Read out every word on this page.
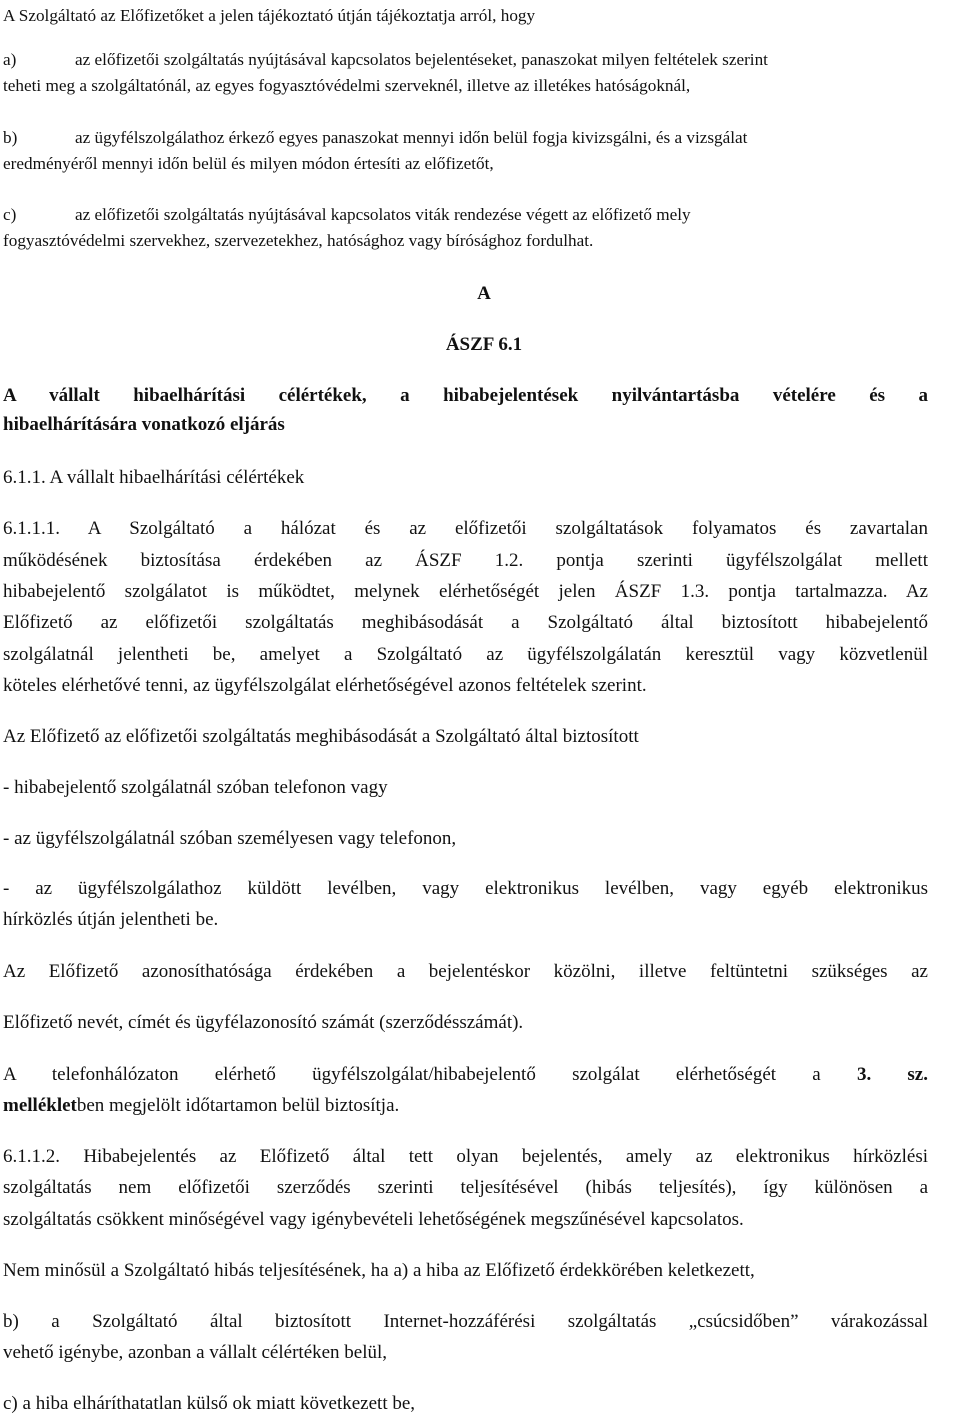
A Szolgáltató az Előfizetőket a jelen tájékoztató útján tájékoztatja arról, hogy
a)	az előfizetői szolgáltatás nyújtásával kapcsolatos bejelentéseket, panaszokat milyen feltételek szerint
teheti meg a szolgáltatónál, az egyes fogyasztóvédelmi szerveknél, illetve az illetékes hatóságoknál,
b)	az ügyfélszolgálathoz érkező egyes panaszokat mennyi időn belül fogja kivizsgálni, és a vizsgálat
eredményéről mennyi időn belül és milyen módon értesíti az előfizetőt,
c)	az előfizetői szolgáltatás nyújtásával kapcsolatos viták rendezése végett az előfizető mely
fogyasztóvédelmi szervekhez, szervezetekhez, hatósághoz vagy bírósághoz fordulhat.
A
ÁSZF 6.1
A vállalt hibaelhárítási célértékek, a hibabejelentések nyilvántartásba vételére és a
hibaelhárítására vonatkozó eljárás
6.1.1. A vállalt hibaelhárítási célértékek
6.1.1.1. A Szolgáltató a hálózat és az előfizetői szolgáltatások folyamatos és zavartalan
működésének biztosítása érdekében az ÁSZF 1.2. pontja szerinti ügyfélszolgálat mellett
hibabejelentő szolgálatot is működtet, melynek elérhetőségét jelen ÁSZF 1.3. pontja tartalmazza. Az
Előfizető az előfizetői szolgáltatás meghibásodását a Szolgáltató által biztosított hibabejelentő
szolgálatnál jelentheti be, amelyet a Szolgáltató az ügyfélszolgálatán keresztül vagy közvetlenül
köteles elérhetővé tenni, az ügyfélszolgálat elérhetőségével azonos feltételek szerint.
Az Előfizető az előfizetői szolgáltatás meghibásodását a Szolgáltató által biztosított
- hibabejelentő szolgálatnál szóban telefonon vagy
- az ügyfélszolgálatnál szóban személyesen vagy telefonon,
- az ügyfélszolgálathoz küldött levélben, vagy elektronikus levélben, vagy egyéb elektronikus
hírközlés útján jelentheti be.
Az Előfizető azonosíthatósága érdekében a bejelentéskor közölni, illetve feltüntetni szükséges az
Előfizető nevét, címét és ügyfélazonosító számát (szerződésszámát).
A telefonhálózaton elérhető ügyfélszolgálat/hibabejelentő szolgálat elérhetőségét a 3. sz.
mellékletben megjelölt időtartamon belül biztosítja.
6.1.1.2. Hibabejelentés az Előfizető által tett olyan bejelentés, amely az elektronikus hírközlési
szolgáltatás nem előfizetői szerződés szerinti teljesítésével (hibás teljesítés), így különösen a
szolgáltatás csökkent minőségével vagy igénybevételi lehetőségének megszűnésével kapcsolatos.
Nem minősül a Szolgáltató hibás teljesítésének, ha a) a hiba az Előfizető érdekkörében keletkezett,
b) a Szolgáltató által biztosított Internet-hozzáférési szolgáltatás „csúcsidőben” várakozással
vehető igénybe, azonban a vállalt célértéken belül,
c) a hiba elháríthatatlan külső ok miatt következett be,
